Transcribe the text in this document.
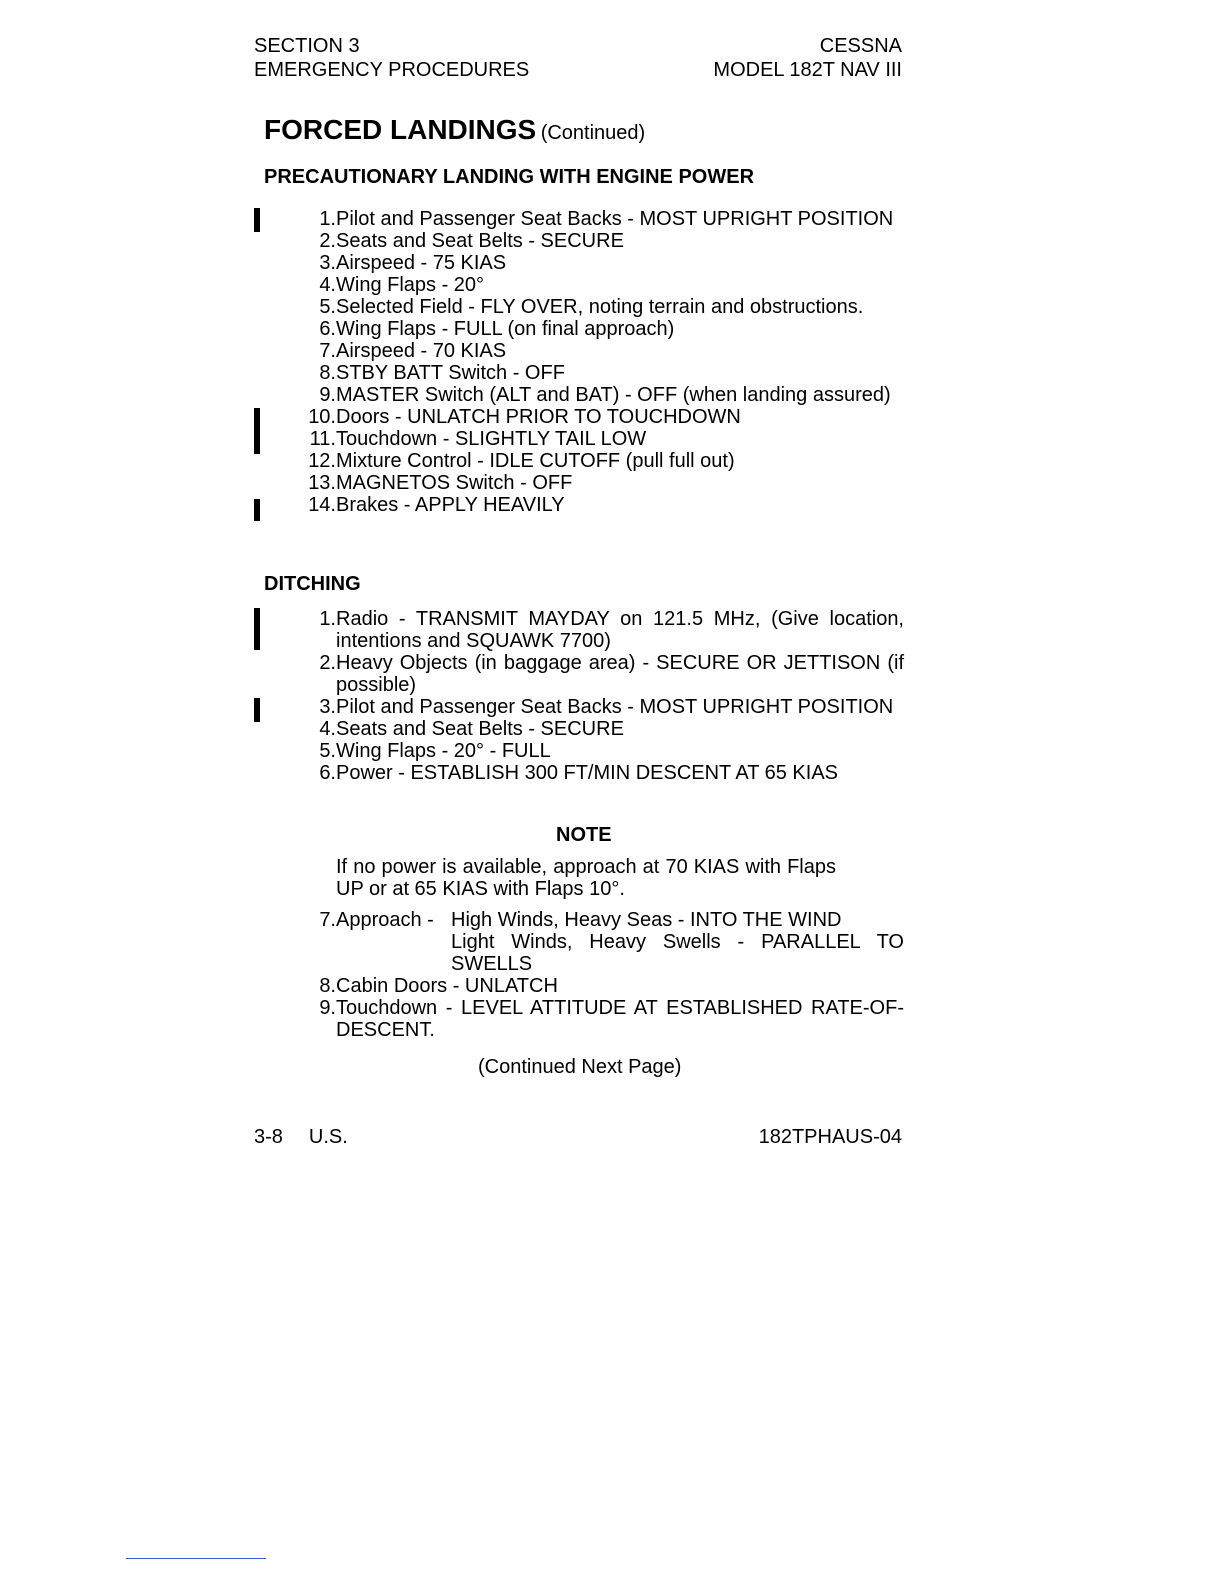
SECTION 3
EMERGENCY PROCEDURES
CESSNA
MODEL 182T NAV III
FORCED LANDINGS (Continued)
PRECAUTIONARY LANDING WITH ENGINE POWER
1. Pilot and Passenger Seat Backs - MOST UPRIGHT POSITION
2. Seats and Seat Belts - SECURE
3. Airspeed - 75 KIAS
4. Wing Flaps - 20°
5. Selected Field - FLY OVER, noting terrain and obstructions.
6. Wing Flaps - FULL (on final approach)
7. Airspeed - 70 KIAS
8. STBY BATT Switch - OFF
9. MASTER Switch (ALT and BAT) - OFF (when landing assured)
10. Doors - UNLATCH PRIOR TO TOUCHDOWN
11. Touchdown - SLIGHTLY TAIL LOW
12. Mixture Control - IDLE CUTOFF (pull full out)
13. MAGNETOS Switch - OFF
14. Brakes - APPLY HEAVILY
DITCHING
1. Radio - TRANSMIT MAYDAY on 121.5 MHz, (Give location, intentions and SQUAWK 7700)
2. Heavy Objects (in baggage area) - SECURE OR JETTISON (if possible)
3. Pilot and Passenger Seat Backs - MOST UPRIGHT POSITION
4. Seats and Seat Belts - SECURE
5. Wing Flaps - 20° - FULL
6. Power - ESTABLISH 300 FT/MIN DESCENT AT 65 KIAS
NOTE
If no power is available, approach at 70 KIAS with Flaps UP or at 65 KIAS with Flaps 10°.
7. Approach - High Winds, Heavy Seas - INTO THE WIND
Light Winds, Heavy Swells - PARALLEL TO SWELLS
8. Cabin Doors - UNLATCH
9. Touchdown - LEVEL ATTITUDE AT ESTABLISHED RATE-OF-DESCENT.
(Continued Next Page)
3-8 U.S.	182TPHAUS-04
